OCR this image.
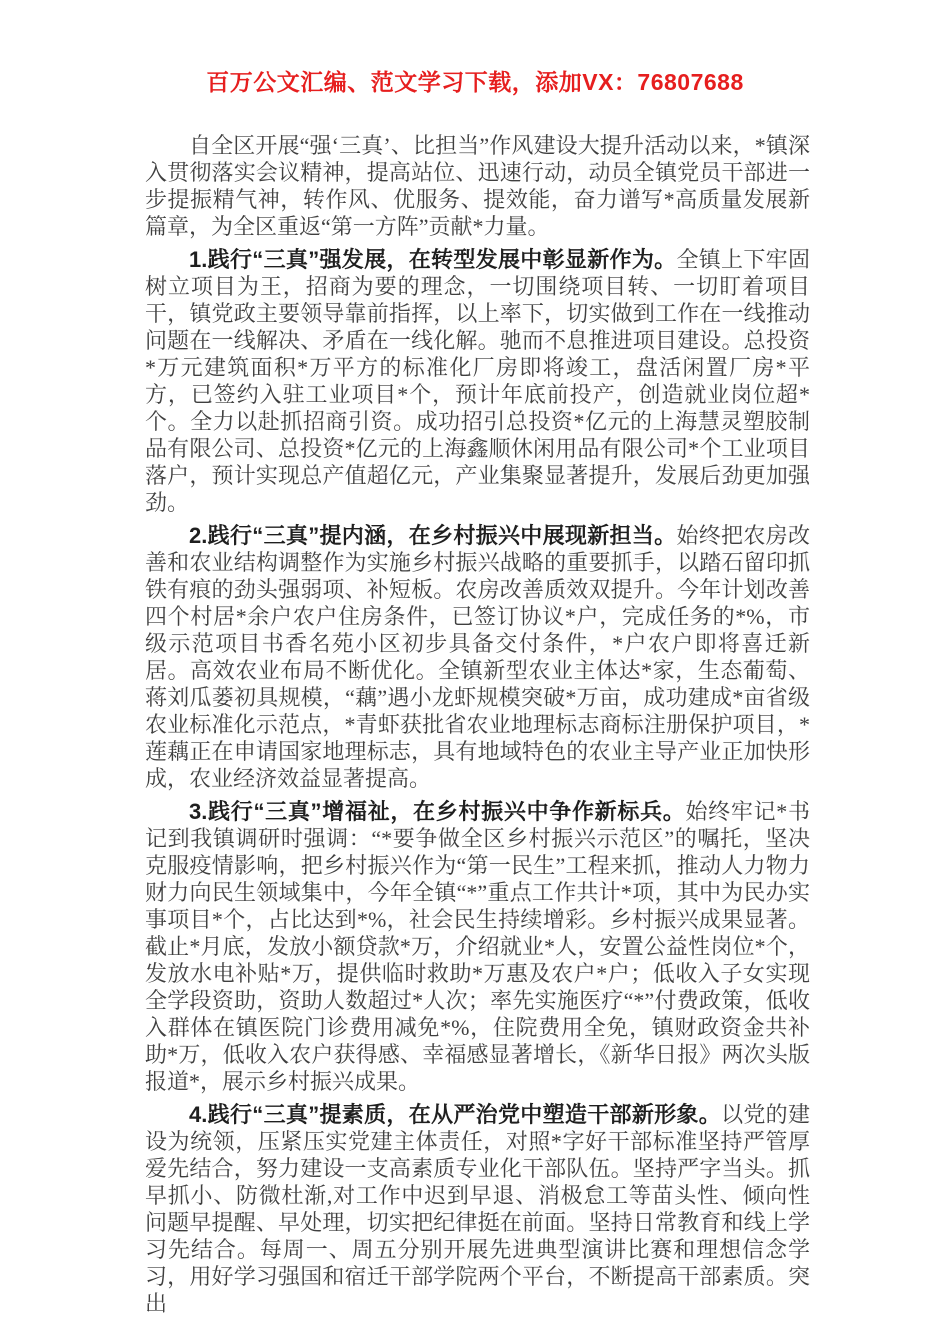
百万公文汇编、范文学习下载，添加VX：76807688

自全区开展“强‘三真’、比担当”作风建设大提升活动以来，*镇深入贯彻落实会议精神，提高站位、迅速行动，动员全镇党员干部进一步提振精气神，转作风、优服务、提效能，奋力谱写*高质量发展新篇章，为全区重返“第一方阵”贡献*力量。

1.践行“三真”强发展，在转型发展中彰显新作为。全镇上下牢固树立项目为王，招商为要的理念，一切围绕项目转、一切盯着项目干，镇党政主要领导靠前指挥，以上率下，切实做到工作在一线推动问题在一线解决、矛盾在一线化解。驰而不息推进项目建设。总投资*万元建筑面积*万平方的标准化厂房即将竣工，盘活闲置厂房*平方，已签约入驻工业项目*个，预计年底前投产，创造就业岗位超*个。全力以赴抓招商引资。成功招引总投资*亿元的上海慧灵塑胶制品有限公司、总投资*亿元的上海鑫顺休闲用品有限公司*个工业项目落户，预计实现总产值超亿元，产业集聚显著提升，发展后劲更加强劲。

2.践行“三真”提内涵，在乡村振兴中展现新担当。始终把农房改善和农业结构调整作为实施乡村振兴战略的重要抓手，以踏石留印抓铁有痕的劲头强弱项、补短板。农房改善质效双提升。今年计划改善四个村居*余户农户住房条件，已签订协议*户，完成任务的*%，市级示范项目书香名苑小区初步具备交付条件，*户农户即将喜迁新居。高效农业布局不断优化。全镇新型农业主体达*家，生态葡萄、蒋刘瓜蒌初具规模，“藕”遇小龙虾规模突破*万亩，成功建成*亩省级农业标准化示范点，*青虾获批省农业地理标志商标注册保护项目，*莲藕正在申请国家地理标志，具有地域特色的农业主导产业正加快形成，农业经济效益显著提高。

3.践行“三真”增福祉，在乡村振兴中争作新标兵。始终牢记*书记到我镇调研时强调：“*要争做全区乡村振兴示范区”的嘱托，坚决克服疫情影响，把乡村振兴作为“第一民生”工程来抓，推动人力物力财力向民生领域集中，今年全镇“*”重点工作共计*项，其中为民办实事项目*个，占比达到*%，社会民生持续增彩。乡村振兴成果显著。截止*月底，发放小额贷款*万，介绍就业*人，安置公益性岗位*个，发放水电补贴*万，提供临时救助*万惠及农户*户；低收入子女实现全学段资助，资助人数超过*人次；率先实施医疗“*”付费政策，低收入群体在镇医院门诊费用减免*%，住院费用全免，镇财政资金共补助*万，低收入农户获得感、幸福感显著增长，《新华日报》两次头版报道*，展示乡村振兴成果。

4.践行“三真”提素质，在从严治党中塑造干部新形象。以党的建设为统领，压紧压实党建主体责任，对照*字好干部标准坚持严管厚爱先结合，努力建设一支高素质专业化干部队伍。坚持严字当头。抓早抓小、防微杜渐,对工作中迟到早退、消极怠工等苗头性、倾向性问题早提醒、早处理，切实把纪律挺在前面。坚持日常教育和线上学习先结合。每周一、周五分别开展先进典型演讲比赛和理想信念学习，用好学习强国和宿迁干部学院两个平台，不断提高干部素质。突出
